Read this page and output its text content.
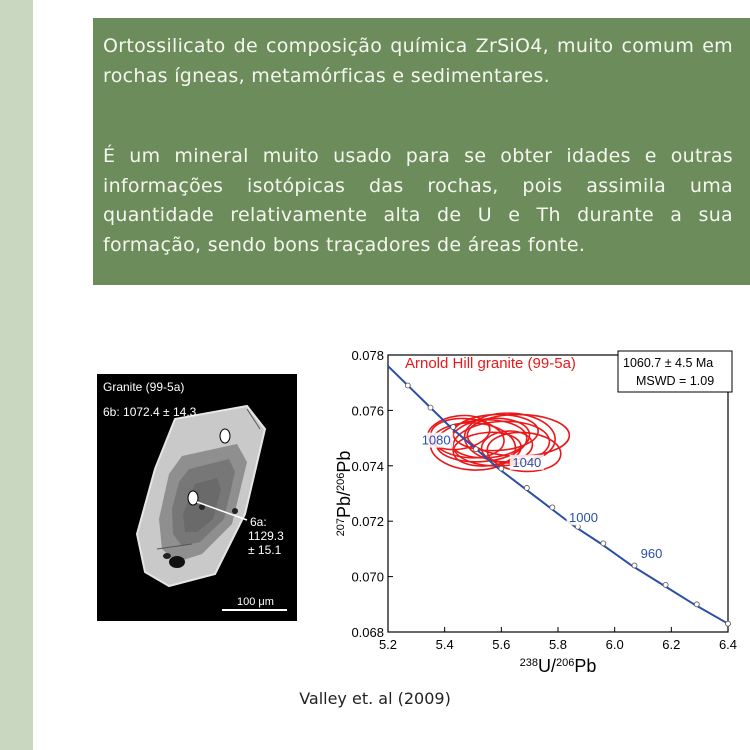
Ortossilicato de composição química ZrSiO4, muito comum em rochas ígneas, metamórficas e sedimentares.

É um mineral muito usado para se obter idades e outras informações isotópicas das rochas, pois assimila uma quantidade relativamente alta de U e Th durante a sua formação, sendo bons traçadores de áreas fonte.

Granite (99-5a)
6b: 1072.4 ± 14.3
6a:
1129.3
± 15.1
100 μm
5.2	5.4	5.6	5.8	6.0	6.2	6.4
0.068
0.070
0.072
0.074
0.076
0.078
$^{238}$U/$^{206}$Pb
$^{207}$Pb/$^{206}$Pb
1080
1040
1000
960
Arnold Hill granite (99-5a)	1060.7 ± 4.5 Ma
MSWD = 1.09
Valley et. al (2009)
